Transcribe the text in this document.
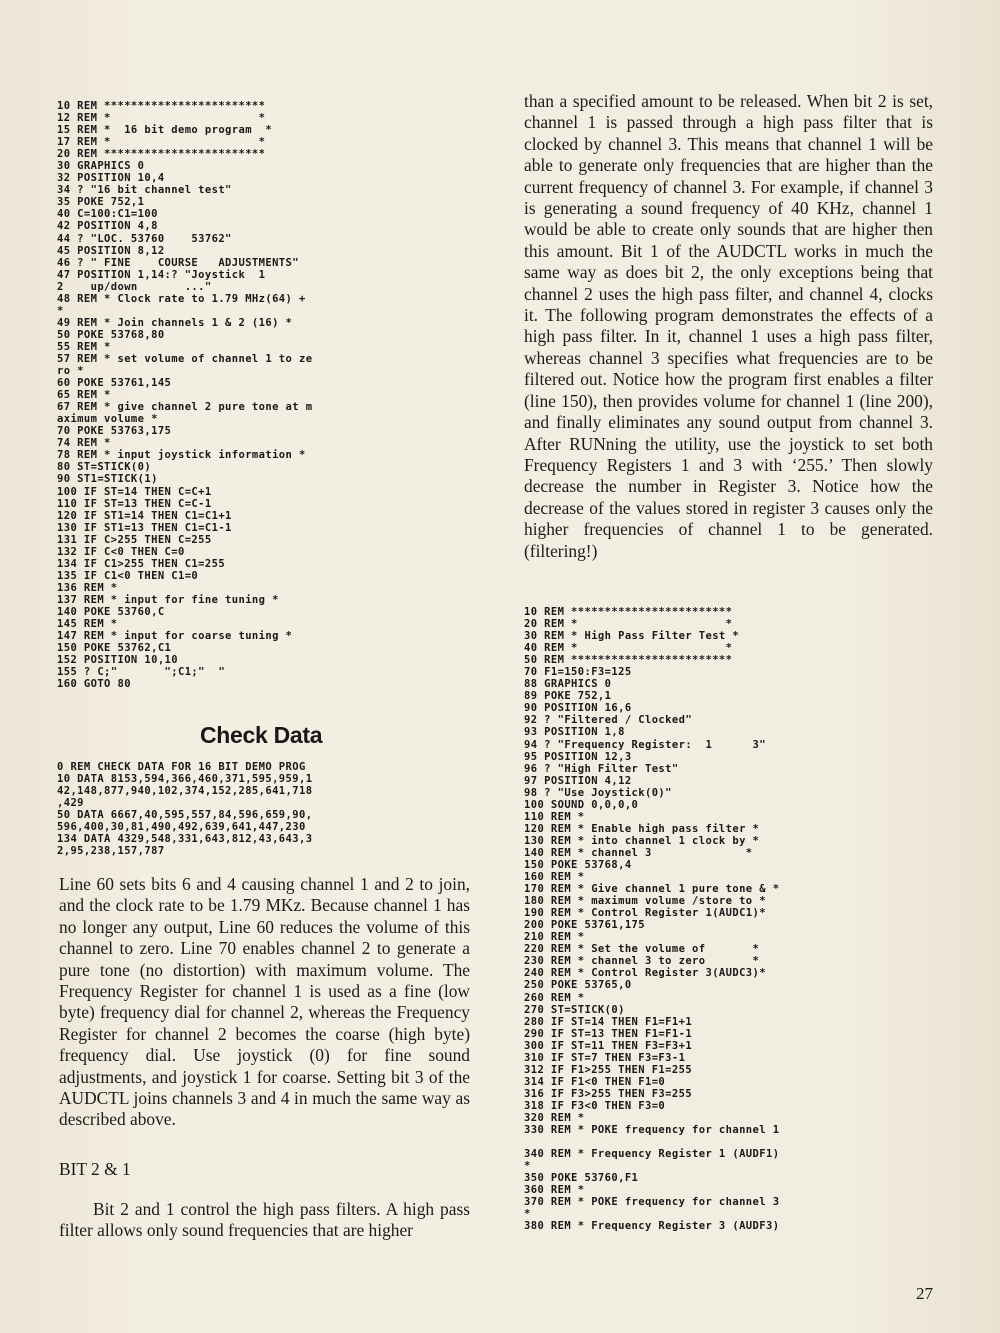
10 REM ************************
12 REM *                      *
15 REM *  16 bit demo program  *
17 REM *                      *
20 REM ************************
30 GRAPHICS 0
32 POSITION 10,4
34 ? "16 bit channel test"
35 POKE 752,1
40 C=100:C1=100
42 POSITION 4,8
44 ? "LOC. 53760    53762"
45 POSITION 8,12
46 ? " FINE    COURSE   ADJUSTMENTS"
47 POSITION 1,14:? "Joystick  1
2    up/down       ..."
48 REM * Clock rate to 1.79 MHz(64) +
*
49 REM * Join channels 1 & 2 (16) *
50 POKE 53768,80
55 REM *
57 REM * set volume of channel 1 to ze
ro *
60 POKE 53761,145
65 REM *
67 REM * give channel 2 pure tone at m
aximum volume *
70 POKE 53763,175
74 REM *
78 REM * input joystick information *
80 ST=STICK(0)
90 ST1=STICK(1)
100 IF ST=14 THEN C=C+1
110 IF ST=13 THEN C=C-1
120 IF ST1=14 THEN C1=C1+1
130 IF ST1=13 THEN C1=C1-1
131 IF C>255 THEN C=255
132 IF C<0 THEN C=0
134 IF C1>255 THEN C1=255
135 IF C1<0 THEN C1=0
136 REM *
137 REM * input for fine tuning *
140 POKE 53760,C
145 REM *
147 REM * input for coarse tuning *
150 POKE 53762,C1
152 POSITION 10,10
155 ? C;"       ";C1;"  "
160 GOTO 80
Check Data
0 REM CHECK DATA FOR 16 BIT DEMO PROG
10 DATA 8153,594,366,460,371,595,959,1
42,148,877,940,102,374,152,285,641,718
,429
50 DATA 6667,40,595,557,84,596,659,90,
596,400,30,81,490,492,639,641,447,230
134 DATA 4329,548,331,643,812,43,643,3
2,95,238,157,787

Line 60 sets bits 6 and 4 causing channel 1 and 2 to join, and the clock rate to be 1.79 MKz. Because channel 1 has no longer any output, Line 60 reduces the volume of this channel to zero. Line 70 enables channel 2 to generate a pure tone (no distortion) with maximum volume. The Frequency Register for channel 1 is used as a fine (low byte) frequency dial for channel 2, whereas the Frequency Register for channel 2 becomes the coarse (high byte) frequency dial. Use joystick (0) for fine sound adjustments, and joystick 1 for coarse. Setting bit 3 of the AUDCTL joins channels 3 and 4 in much the same way as described above.

BIT 2 & 1

Bit 2 and 1 control the high pass filters. A high pass filter allows only sound frequencies that are higher

than a specified amount to be released. When bit 2 is set, channel 1 is passed through a high pass filter that is clocked by channel 3. This means that channel 1 will be able to generate only frequencies that are higher than the current frequency of channel 3. For example, if channel 3 is generating a sound frequency of 40 KHz, channel 1 would be able to create only sounds that are higher then this amount. Bit 1 of the AUDCTL works in much the same way as does bit 2, the only exceptions being that channel 2 uses the high pass filter, and channel 4, clocks it. The following program demonstrates the effects of a high pass filter. In it, channel 1 uses a high pass filter, whereas channel 3 specifies what frequencies are to be filtered out. Notice how the program first enables a filter (line 150), then provides volume for channel 1 (line 200), and finally eliminates any sound output from channel 3. After RUNning the utility, use the joystick to set both Frequency Registers 1 and 3 with ‘255.’ Then slowly decrease the number in Register 3. Notice how the decrease of the values stored in register 3 causes only the higher frequencies of channel 1 to be generated. (filtering!)

10 REM ************************
20 REM *                      *
30 REM * High Pass Filter Test *
40 REM *                      *
50 REM ************************
70 F1=150:F3=125
88 GRAPHICS 0
89 POKE 752,1
90 POSITION 16,6
92 ? "Filtered / Clocked"
93 POSITION 1,8
94 ? "Frequency Register:  1      3"
95 POSITION 12,3
96 ? "High Filter Test"
97 POSITION 4,12
98 ? "Use Joystick(0)"
100 SOUND 0,0,0,0
110 REM *
120 REM * Enable high pass filter *
130 REM * into channel 1 clock by *
140 REM * channel 3              *
150 POKE 53768,4
160 REM *
170 REM * Give channel 1 pure tone & *
180 REM * maximum volume /store to *
190 REM * Control Register 1(AUDC1)*
200 POKE 53761,175
210 REM *
220 REM * Set the volume of       *
230 REM * channel 3 to zero       *
240 REM * Control Register 3(AUDC3)*
250 POKE 53765,0
260 REM *
270 ST=STICK(0)
280 IF ST=14 THEN F1=F1+1
290 IF ST=13 THEN F1=F1-1
300 IF ST=11 THEN F3=F3+1
310 IF ST=7 THEN F3=F3-1
312 IF F1>255 THEN F1=255
314 IF F1<0 THEN F1=0
316 IF F3>255 THEN F3=255
318 IF F3<0 THEN F3=0
320 REM *
330 REM * POKE frequency for channel 1
340 REM * Frequency Register 1 (AUDF1)
*
350 POKE 53760,F1
360 REM *
370 REM * POKE frequency for channel 3
*
380 REM * Frequency Register 3 (AUDF3)
27
